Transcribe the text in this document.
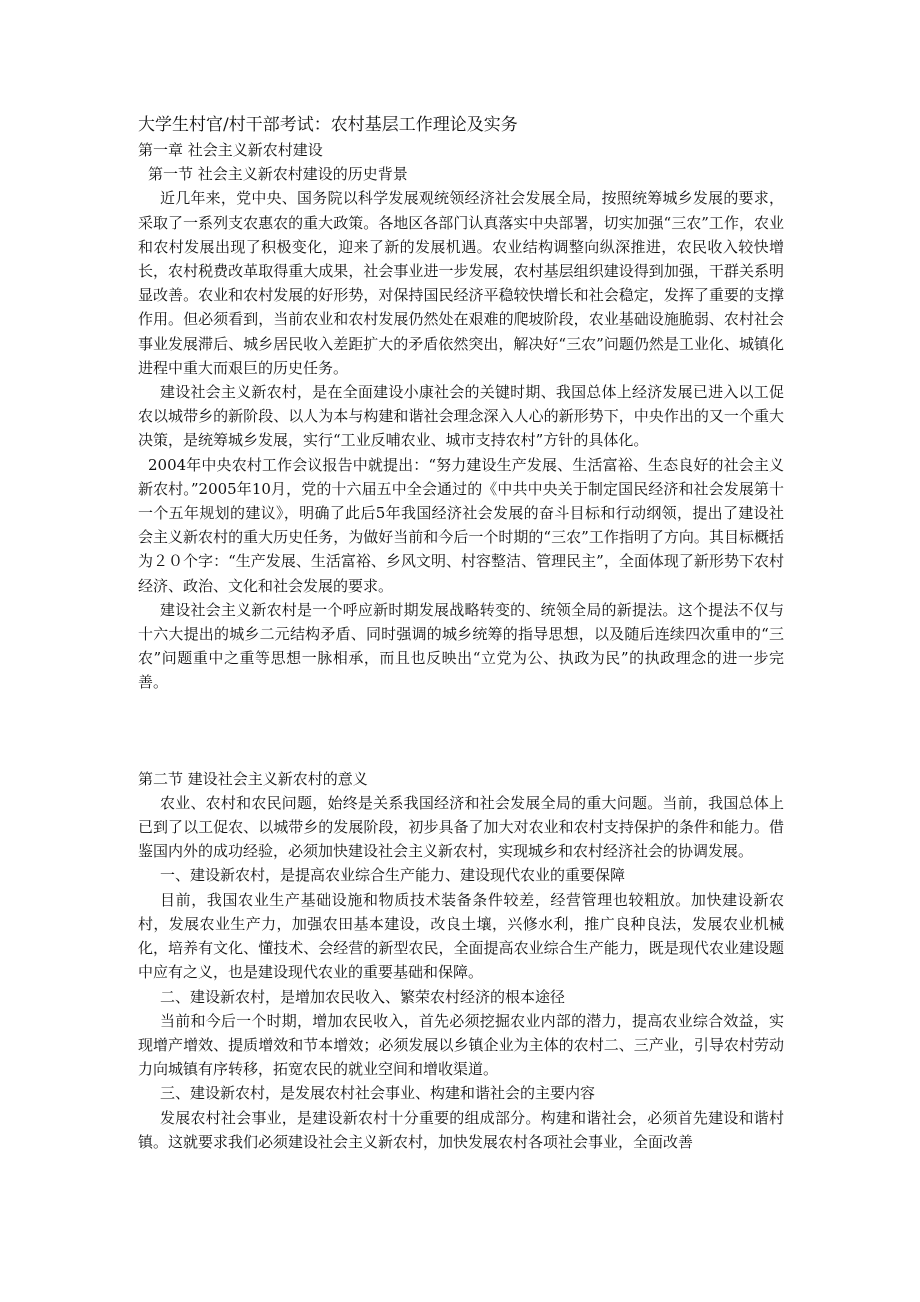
大学生村官/村干部考试：农村基层工作理论及实务
第一章 社会主义新农村建设
第一节 社会主义新农村建设的历史背景

近几年来，党中央、国务院以科学发展观统领经济社会发展全局，按照统筹城乡发展的要求，采取了一系列支农惠农的重大政策。各地区各部门认真落实中央部署，切实加强“三农”工作，农业和农村发展出现了积极变化，迎来了新的发展机遇。农业结构调整向纵深推进，农民收入较快增长，农村税费改革取得重大成果，社会事业进一步发展，农村基层组织建设得到加强，干群关系明显改善。农业和农村发展的好形势，对保持国民经济平稳较快增长和社会稳定，发挥了重要的支撑作用。但必须看到，当前农业和农村发展仍然处在艰难的爬坡阶段，农业基础设施脆弱、农村社会事业发展滞后、城乡居民收入差距扩大的矛盾依然突出，解决好“三农”问题仍然是工业化、城镇化进程中重大而艰巨的历史任务。

建设社会主义新农村，是在全面建设小康社会的关键时期、我国总体上经济发展已进入以工促农以城带乡的新阶段、以人为本与构建和谐社会理念深入人心的新形势下，中央作出的又一个重大决策，是统筹城乡发展，实行“工业反哺农业、城市支持农村”方针的具体化。

2004年中央农村工作会议报告中就提出：“努力建设生产发展、生活富裕、生态良好的社会主义新农村。”2005年10月，党的十六届五中全会通过的《中共中央关于制定国民经济和社会发展第十一个五年规划的建议》，明确了此后5年我国经济社会发展的奋斗目标和行动纲领，提出了建设社会主义新农村的重大历史任务，为做好当前和今后一个时期的“三农”工作指明了方向。其目标概括为２０个字：“生产发展、生活富裕、乡风文明、村容整洁、管理民主”，全面体现了新形势下农村经济、政治、文化和社会发展的要求。

建设社会主义新农村是一个呼应新时期发展战略转变的、统领全局的新提法。这个提法不仅与十六大提出的城乡二元结构矛盾、同时强调的城乡统筹的指导思想，以及随后连续四次重申的“三农”问题重中之重等思想一脉相承，而且也反映出“立党为公、执政为民”的执政理念的进一步完善。

第二节 建设社会主义新农村的意义

农业、农村和农民问题，始终是关系我国经济和社会发展全局的重大问题。当前，我国总体上已到了以工促农、以城带乡的发展阶段，初步具备了加大对农业和农村支持保护的条件和能力。借鉴国内外的成功经验，必须加快建设社会主义新农村，实现城乡和农村经济社会的协调发展。

一、建设新农村，是提高农业综合生产能力、建设现代农业的重要保障

目前，我国农业生产基础设施和物质技术装备条件较差，经营管理也较粗放。加快建设新农村，发展农业生产力，加强农田基本建设，改良土壤，兴修水利，推广良种良法，发展农业机械化，培养有文化、懂技术、会经营的新型农民，全面提高农业综合生产能力，既是现代农业建设题中应有之义，也是建设现代农业的重要基础和保障。

二、建设新农村，是增加农民收入、繁荣农村经济的根本途径

当前和今后一个时期，增加农民收入，首先必须挖掘农业内部的潜力，提高农业综合效益，实现增产增效、提质增效和节本增效；必须发展以乡镇企业为主体的农村二、三产业，引导农村劳动力向城镇有序转移，拓宽农民的就业空间和增收渠道。

三、建设新农村，是发展农村社会事业、构建和谐社会的主要内容

发展农村社会事业，是建设新农村十分重要的组成部分。构建和谐社会，必须首先建设和谐村镇。这就要求我们必须建设社会主义新农村，加快发展农村各项社会事业，全面改善
